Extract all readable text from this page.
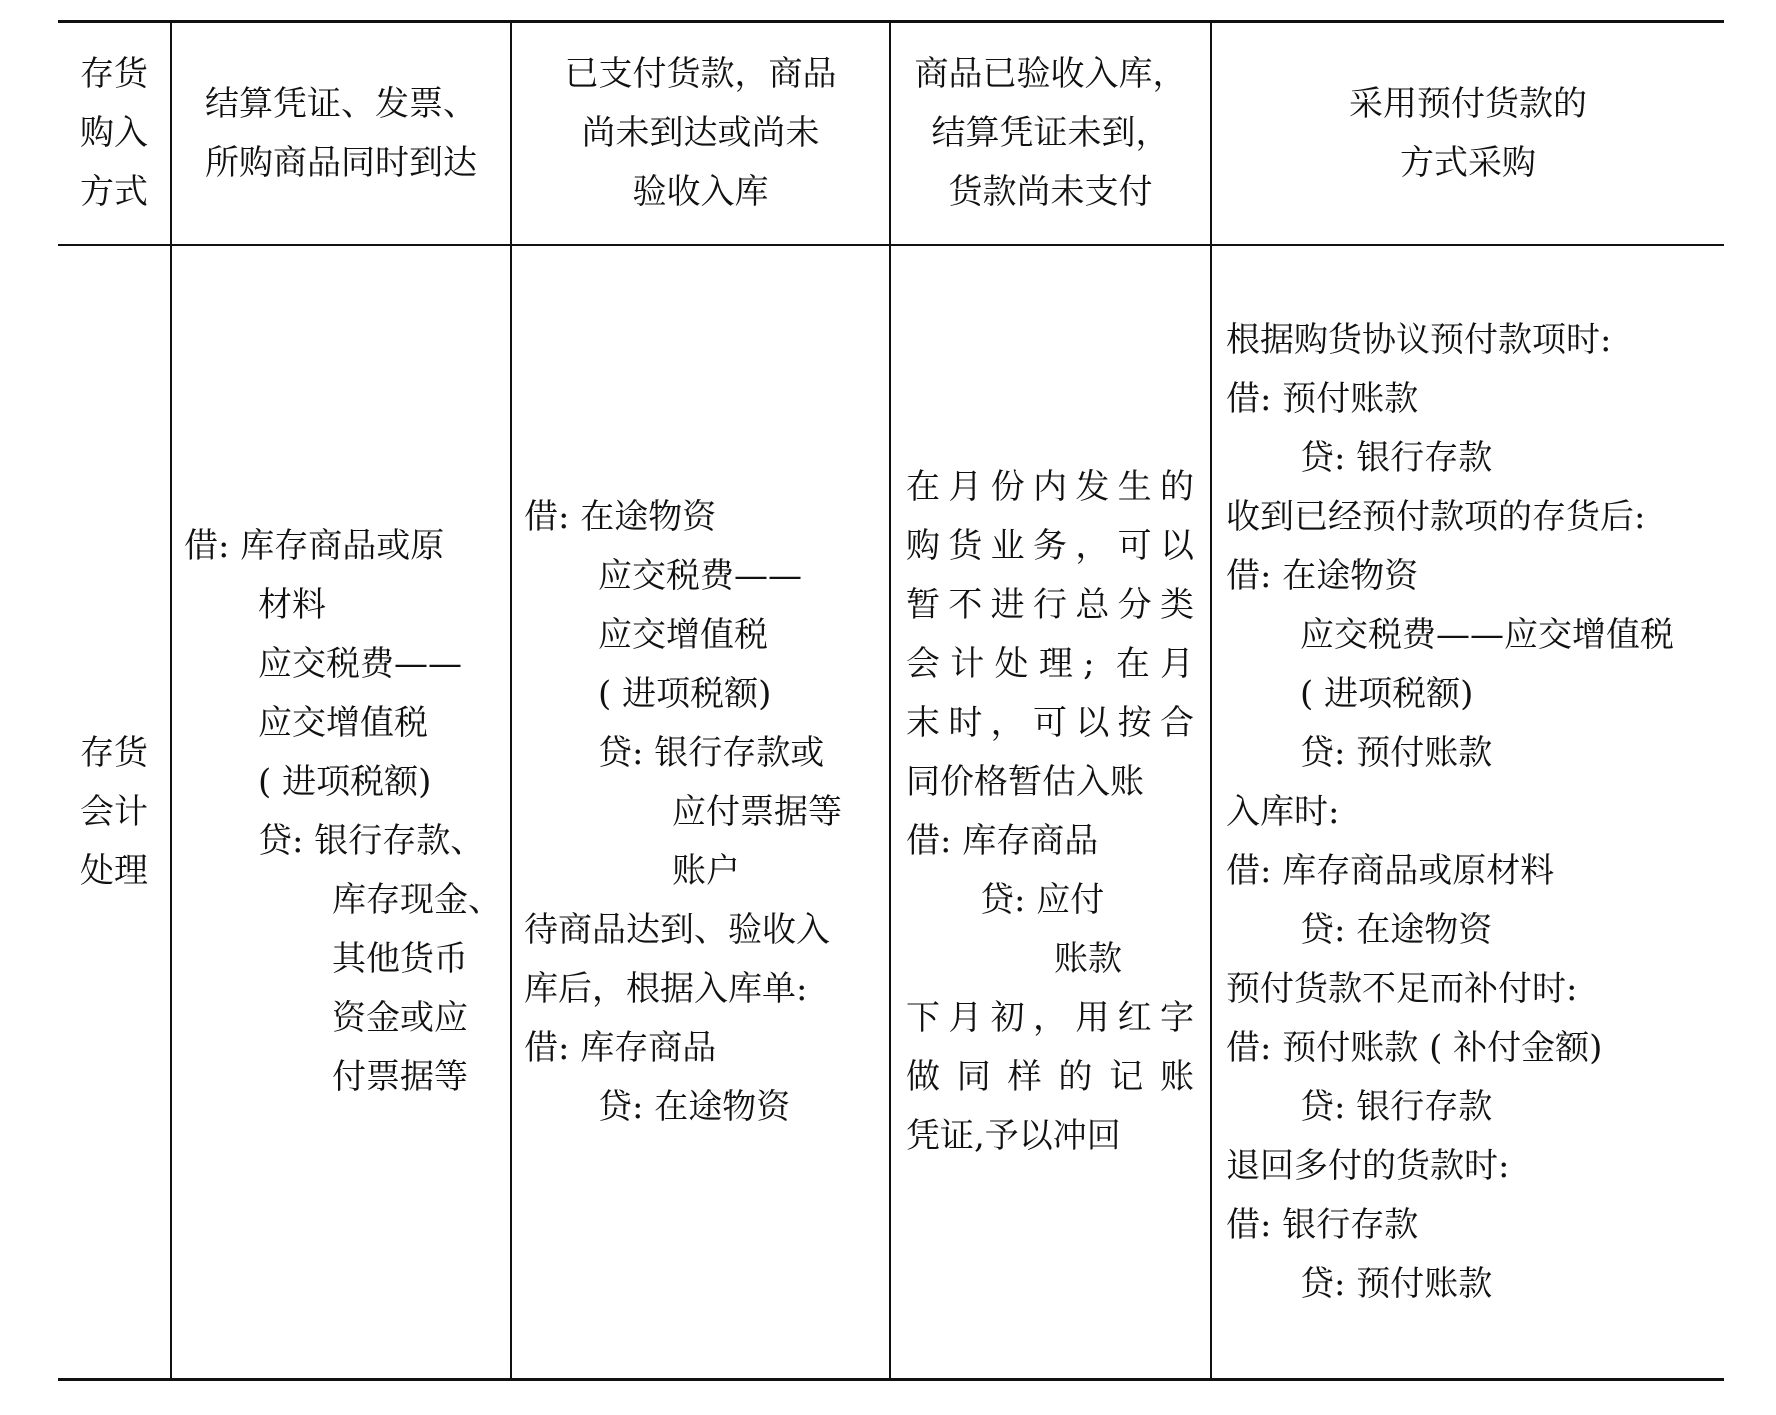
存货
购入
方式
结算凭证、发票、
所购商品同时到达
已支付货款，商品
尚未到达或尚未
验收入库
商品已验收入库，
结算凭证未到，
货款尚未支付
采用预付货款的
方式采购
存货
会计
处理
借: 库存商品或原
材料
应交税费——
应交增值税
( 进项税额)
贷: 银行存款、
库存现金、
其他货币
资金或应
付票据等
借: 在途物资
应交税费——
应交增值税
( 进项税额)
贷: 银行存款或
应付票据等
账户
待商品达到、验收入
库后，根据入库单:
借: 库存商品
贷: 在途物资
在月份内发生的
购货业务，可以
暂不进行总分类
会计处理; 在月
末时，可以按合
同价格暂估入账
借: 库存商品
贷: 应付
账款
下月初，用红字
做同样的记账
凭证,予以冲回
根据购货协议预付款项时:
借: 预付账款
贷: 银行存款
收到已经预付款项的存货后:
借: 在途物资
应交税费——应交增值税
( 进项税额)
贷: 预付账款
入库时:
借: 库存商品或原材料
贷: 在途物资
预付货款不足而补付时:
借: 预付账款 ( 补付金额)
贷: 银行存款
退回多付的货款时:
借: 银行存款
贷: 预付账款
